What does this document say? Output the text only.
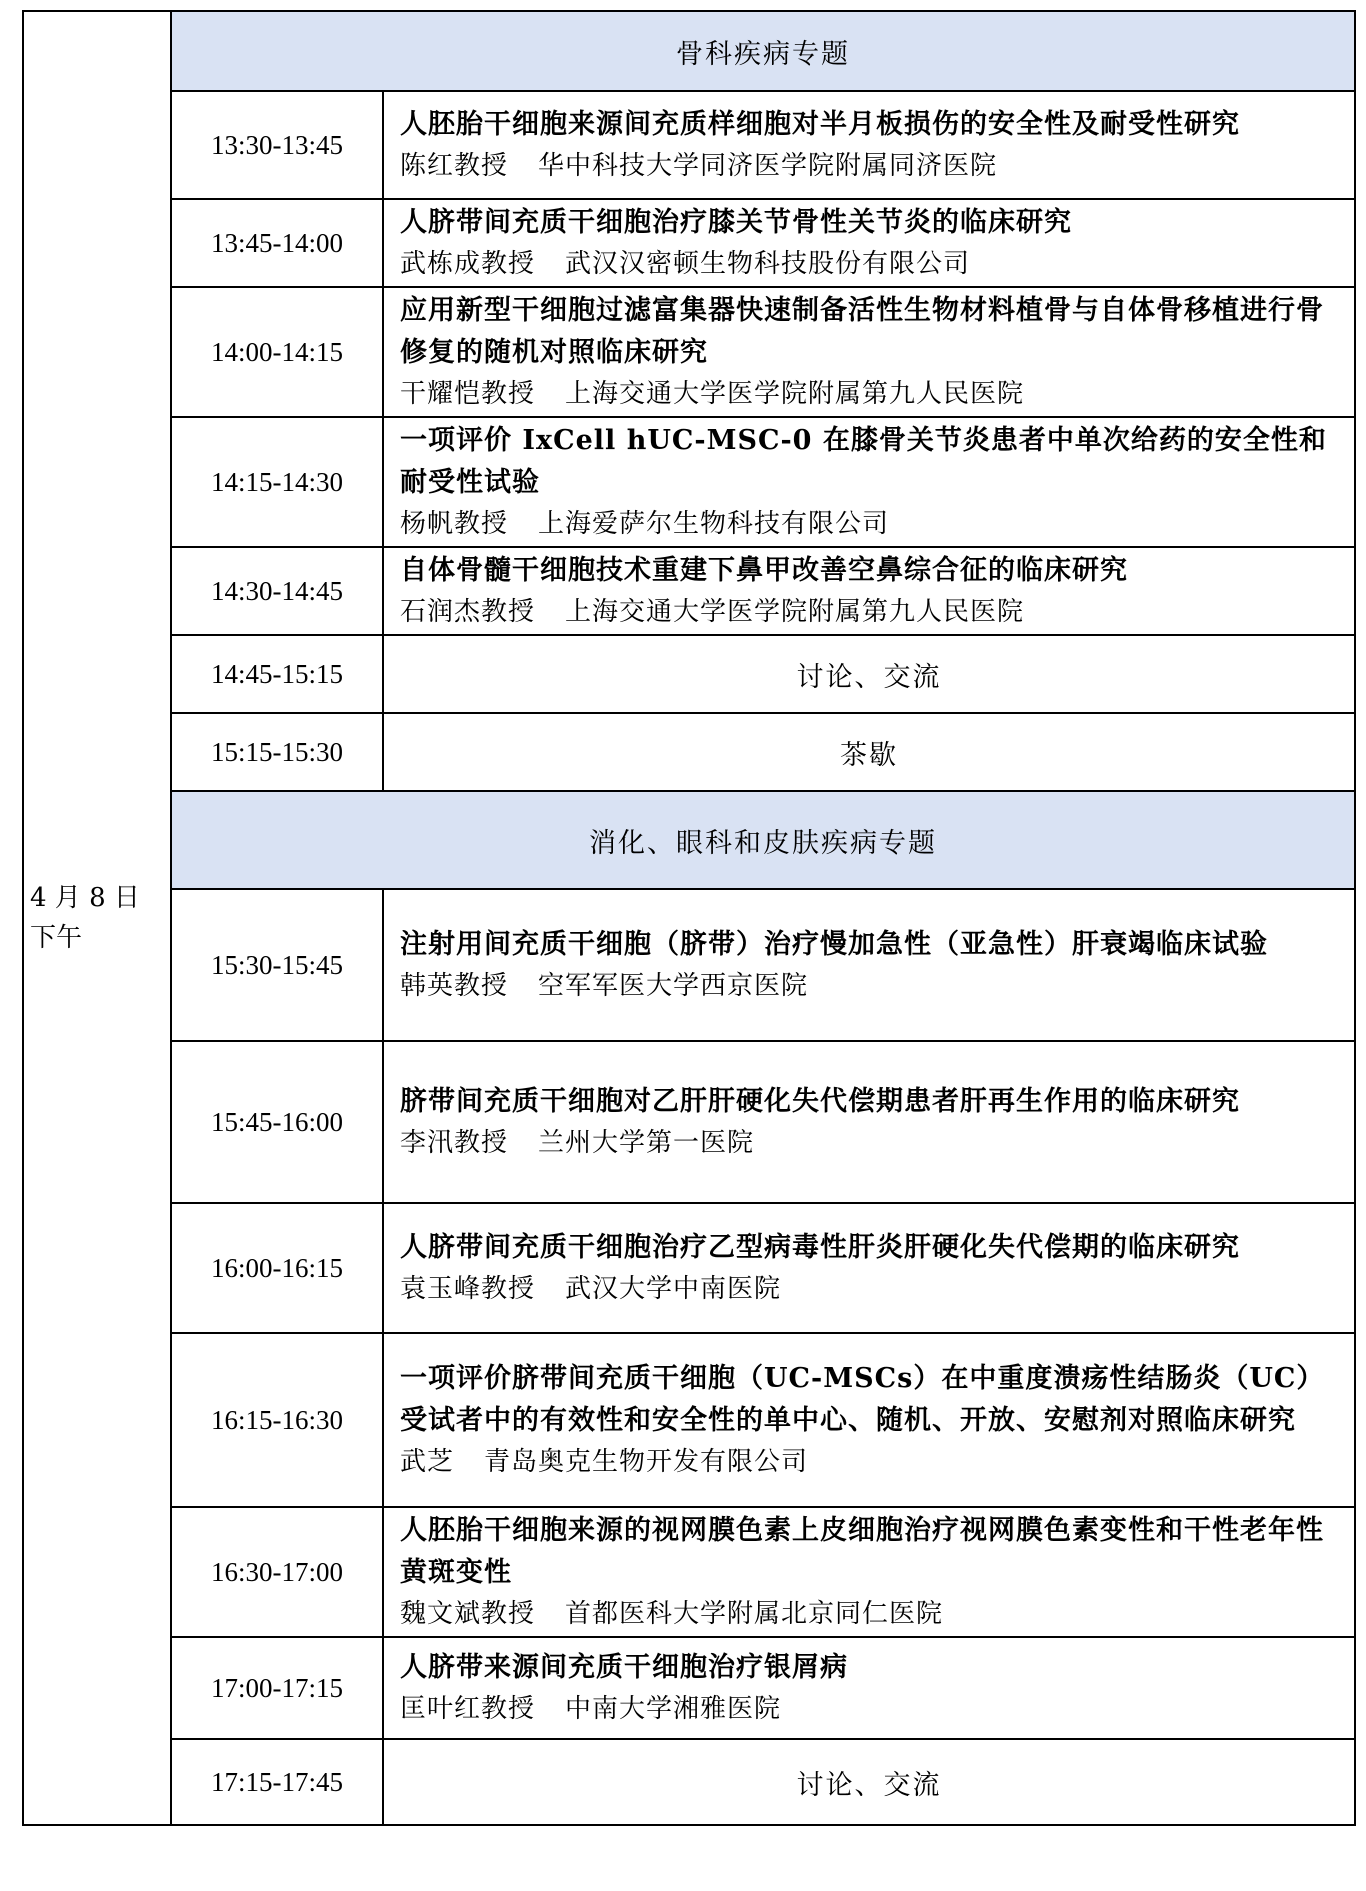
4 月 8 日
下午	骨科疾病专题	
	13:30-13:45	人胚胎干细胞来源间充质样细胞对半月板损伤的安全性及耐受性研究
陈红教授 华中科技大学同济医学院附属同济医院

	13:45-14:00	人脐带间充质干细胞治疗膝关节骨性关节炎的临床研究
武栋成教授 武汉汉密顿生物科技股份有限公司

	14:00-14:15	应用新型干细胞过滤富集器快速制备活性生物材料植骨与自体骨移植进行骨修复的随机对照临床研究
干耀恺教授 上海交通大学医学院附属第九人民医院

	14:15-14:30	一项评价 IxCell hUC-MSC-0 在膝骨关节炎患者中单次给药的安全性和耐受性试验
杨帆教授 上海爱萨尔生物科技有限公司

	14:30-14:45	自体骨髓干细胞技术重建下鼻甲改善空鼻综合征的临床研究
石润杰教授 上海交通大学医学院附属第九人民医院

	14:45-15:15	讨论、交流
	15:15-15:30	茶歇
	消化、眼科和皮肤疾病专题	
	15:30-15:45	注射用间充质干细胞（脐带）治疗慢加急性（亚急性）肝衰竭临床试验
韩英教授 空军军医大学西京医院

	15:45-16:00	脐带间充质干细胞对乙肝肝硬化失代偿期患者肝再生作用的临床研究
李汛教授 兰州大学第一医院

	16:00-16:15	人脐带间充质干细胞治疗乙型病毒性肝炎肝硬化失代偿期的临床研究
袁玉峰教授 武汉大学中南医院

	16:15-16:30	一项评价脐带间充质干细胞（UC-MSCs）在中重度溃疡性结肠炎（UC）受试者中的有效性和安全性的单中心、随机、开放、安慰剂对照临床研究
武芝 青岛奥克生物开发有限公司

	16:30-17:00	人胚胎干细胞来源的视网膜色素上皮细胞治疗视网膜色素变性和干性老年性黄斑变性
魏文斌教授 首都医科大学附属北京同仁医院

	17:00-17:15	人脐带来源间充质干细胞治疗银屑病
匡叶红教授 中南大学湘雅医院

	17:15-17:45	讨论、交流
